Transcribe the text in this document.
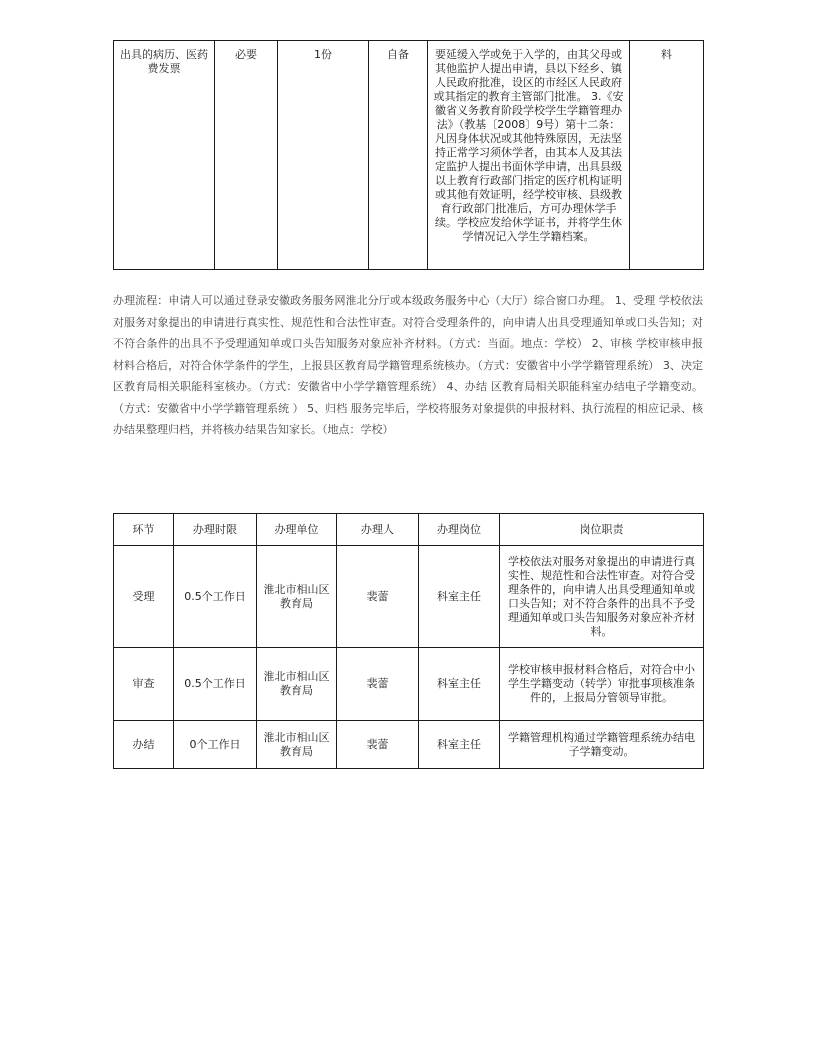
出具的病历、医药费发票	必要	1份	自备	要延缓入学或免于入学的，由其父母或其他监护人提出申请，县以下经乡、镇人民政府批准，设区的市经区人民政府或其指定的教育主管部门批准。 3.《安徽省义务教育阶段学校学生学籍管理办法》（教基〔2008〕9号）第十二条：凡因身体状况或其他特殊原因，无法坚持正常学习须休学者，由其本人及其法定监护人提出书面休学申请，出具县级以上教育行政部门指定的医疗机构证明或其他有效证明，经学校审核、县级教育行政部门批准后，方可办理休学手续。学校应发给休学证书，并将学生休学情况记入学生学籍档案。	料

办理流程：申请人可以通过登录安徽政务服务网淮北分厅或本级政务服务中心（大厅）综合窗口办理。 1、受理 学校依法对服务对象提出的申请进行真实性、规范性和合法性审查。对符合受理条件的，向申请人出具受理通知单或口头告知；对不符合条件的出具不予受理通知单或口头告知服务对象应补齐材料。（方式：当面。地点：学校） 2、审核 学校审核申报材料合格后，对符合休学条件的学生，上报县区教育局学籍管理系统核办。（方式：安徽省中小学学籍管理系统） 3、决定 区教育局相关职能科室核办。（方式：安徽省中小学学籍管理系统） 4、办结 区教育局相关职能科室办结电子学籍变动。（方式：安徽省中小学学籍管理系统 ） 5、归档 服务完毕后，学校将服务对象提供的申报材料、执行流程的相应记录、核办结果整理归档，并将核办结果告知家长。（地点：学校）

环节	办理时限	办理单位	办理人	办理岗位	岗位职责
受理	0.5个工作日	淮北市相山区教育局	裴蕾	科室主任	学校依法对服务对象提出的申请进行真实性、规范性和合法性审查。对符合受理条件的，向申请人出具受理通知单或口头告知；对不符合条件的出具不予受理通知单或口头告知服务对象应补齐材料。
审查	0.5个工作日	淮北市相山区教育局	裴蕾	科室主任	学校审核申报材料合格后，对符合中小学生学籍变动（转学）审批事项核准条件的，上报局分管领导审批。
办结	0个工作日	淮北市相山区教育局	裴蕾	科室主任	学籍管理机构通过学籍管理系统办结电子学籍变动。
